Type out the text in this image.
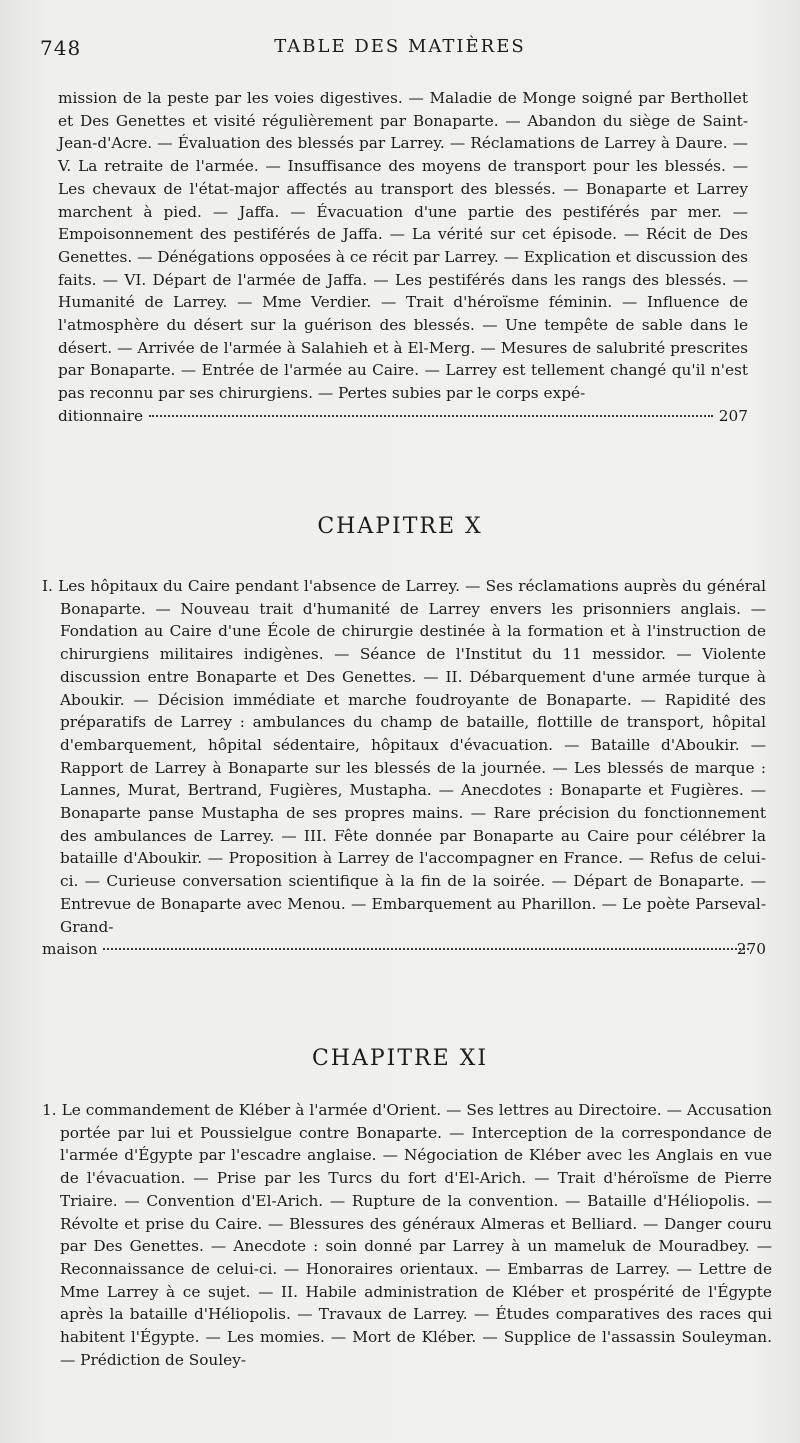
748	TABLE DES MATIÈRES

mission de la peste par les voies digestives. — Maladie de Monge soigné par Berthollet et Des Genettes et visité régulièrement par Bonaparte. — Abandon du siège de Saint-Jean-d'Acre. — Évaluation des blessés par Larrey. — Réclamations de Larrey à Daure. — V. La retraite de l'armée. — Insuffisance des moyens de transport pour les blessés. — Les chevaux de l'état-major affectés au transport des blessés. — Bonaparte et Larrey marchent à pied. — Jaffa. — Évacuation d'une partie des pestiférés par mer. — Empoisonnement des pestiférés de Jaffa. — La vérité sur cet épisode. — Récit de Des Genettes. — Dénégations opposées à ce récit par Larrey. — Explication et discussion des faits. — VI. Départ de l'armée de Jaffa. — Les pestiférés dans les rangs des blessés. — Humanité de Larrey. — Mme Verdier. — Trait d'héroïsme féminin. — Influence de l'atmosphère du désert sur la guérison des blessés. — Une tempête de sable dans le désert. — Arrivée de l'armée à Salahieh et à El-Merg. — Mesures de salubrité prescrites par Bonaparte. — Entrée de l'armée au Caire. — Larrey est tellement changé qu'il n'est pas reconnu par ses chirurgiens. — Pertes subies par le corps expé-

ditionnaire	207
CHAPITRE X

I. Les hôpitaux du Caire pendant l'absence de Larrey. — Ses réclamations auprès du général Bonaparte. — Nouveau trait d'humanité de Larrey envers les prisonniers anglais. — Fondation au Caire d'une École de chirurgie destinée à la formation et à l'instruction de chirurgiens militaires indigènes. — Séance de l'Institut du 11 messidor. — Violente discussion entre Bonaparte et Des Genettes. — II. Débarquement d'une armée turque à Aboukir. — Décision immédiate et marche foudroyante de Bonaparte. — Rapidité des préparatifs de Larrey : ambulances du champ de bataille, flottille de transport, hôpital d'embarquement, hôpital sédentaire, hôpitaux d'évacuation. — Bataille d'Aboukir. — Rapport de Larrey à Bonaparte sur les blessés de la journée. — Les blessés de marque : Lannes, Murat, Bertrand, Fugières, Mustapha. — Anecdotes : Bonaparte et Fugières. — Bonaparte panse Mustapha de ses propres mains. — Rare précision du fonctionnement des ambulances de Larrey. — III. Fête donnée par Bonaparte au Caire pour célébrer la bataille d'Aboukir. — Proposition à Larrey de l'accompagner en France. — Refus de celui-ci. — Curieuse conversation scientifique à la fin de la soirée. — Départ de Bonaparte. — Entrevue de Bonaparte avec Menou. — Embarquement au Pharillon. — Le poète Parseval-Grand-

maison	270
CHAPITRE XI

1. Le commandement de Kléber à l'armée d'Orient. — Ses lettres au Directoire. — Accusation portée par lui et Poussielgue contre Bonaparte. — Interception de la correspondance de l'armée d'Égypte par l'escadre anglaise. — Négociation de Kléber avec les Anglais en vue de l'évacuation. — Prise par les Turcs du fort d'El-Arich. — Trait d'héroïsme de Pierre Triaire. — Convention d'El-Arich. — Rupture de la convention. — Bataille d'Héliopolis. — Révolte et prise du Caire. — Blessures des généraux Almeras et Belliard. — Danger couru par Des Genettes. — Anecdote : soin donné par Larrey à un mameluk de Mouradbey. — Reconnaissance de celui-ci. — Honoraires orientaux. — Embarras de Larrey. — Lettre de Mme Larrey à ce sujet. — II. Habile administration de Kléber et prospérité de l'Égypte après la bataille d'Héliopolis. — Travaux de Larrey. — Études comparatives des races qui habitent l'Égypte. — Les momies. — Mort de Kléber. — Supplice de l'assassin Souleyman. — Prédiction de Souley-
